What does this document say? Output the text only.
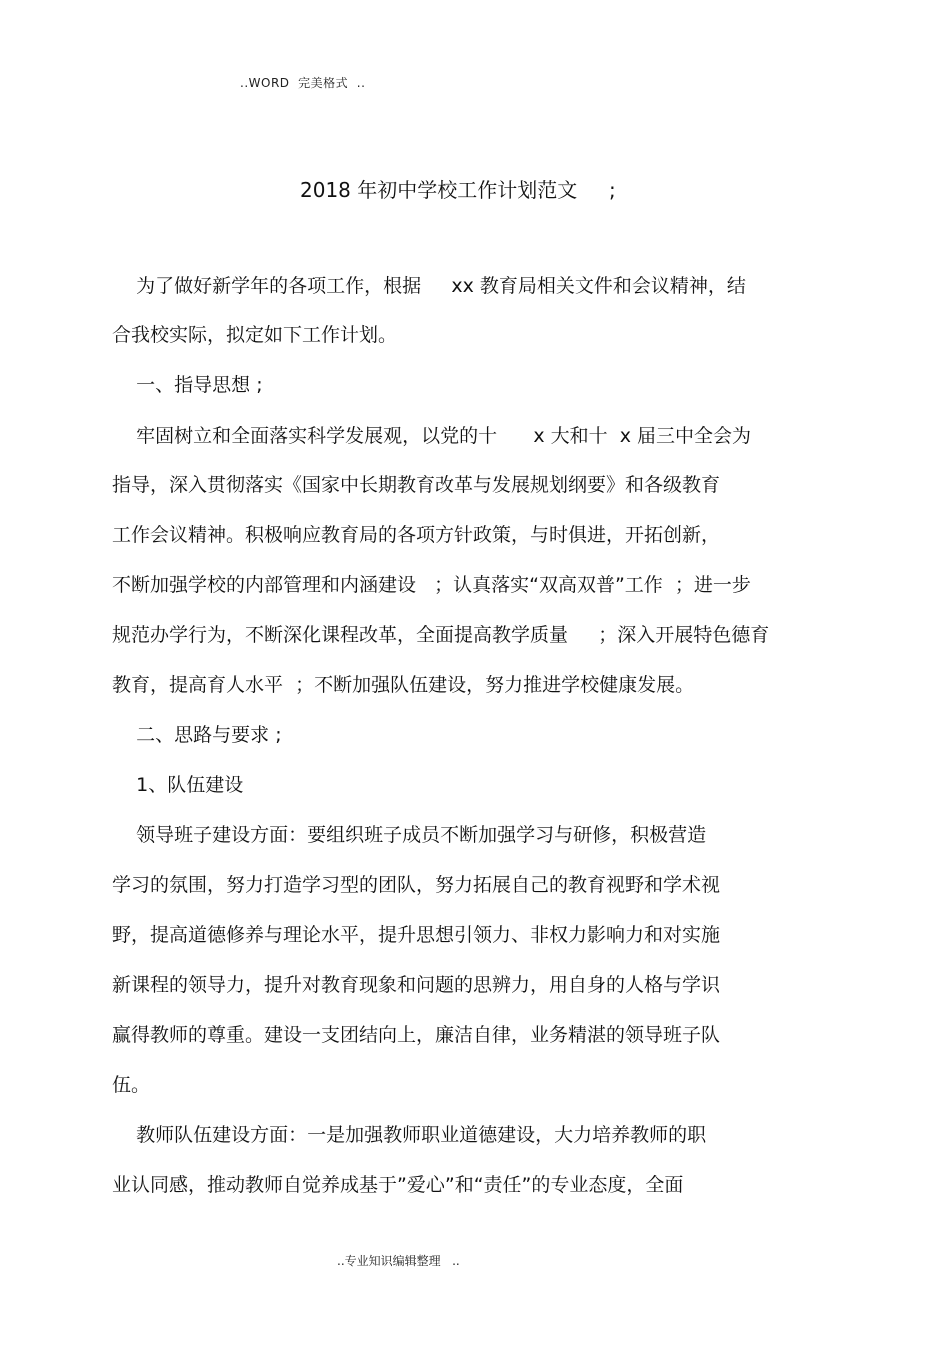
..WORD  完美格式  ..
2018 年初中学校工作计划范文     ;
为了做好新学年的各项工作，根据     xx 教育局相关文件和会议精神，结
合我校实际，拟定如下工作计划。
一、指导思想 ;
牢固树立和全面落实科学发展观，以党的十      x 大和十  x 届三中全会为
指导，深入贯彻落实《国家中长期教育改革与发展规划纲要》和各级教育
工作会议精神。积极响应教育局的各项方针政策，与时俱进，开拓创新，
不断加强学校的内部管理和内涵建设   ；认真落实“双高双普”工作  ；进一步
规范办学行为，不断深化课程改革，全面提高教学质量     ；深入开展特色德育
教育，提高育人水平  ；不断加强队伍建设，努力推进学校健康发展。
二、思路与要求 ;
1、队伍建设
领导班子建设方面：要组织班子成员不断加强学习与研修，积极营造
学习的氛围，努力打造学习型的团队，努力拓展自己的教育视野和学术视
野，提高道德修养与理论水平，提升思想引领力、非权力影响力和对实施
新课程的领导力，提升对教育现象和问题的思辨力，用自身的人格与学识
赢得教师的尊重。建设一支团结向上，廉洁自律，业务精湛的领导班子队
伍。
教师队伍建设方面：一是加强教师职业道德建设，大力培养教师的职
业认同感，推动教师自觉养成基于”爱心”和“责任”的专业态度，全面
..专业知识编辑整理   ..
